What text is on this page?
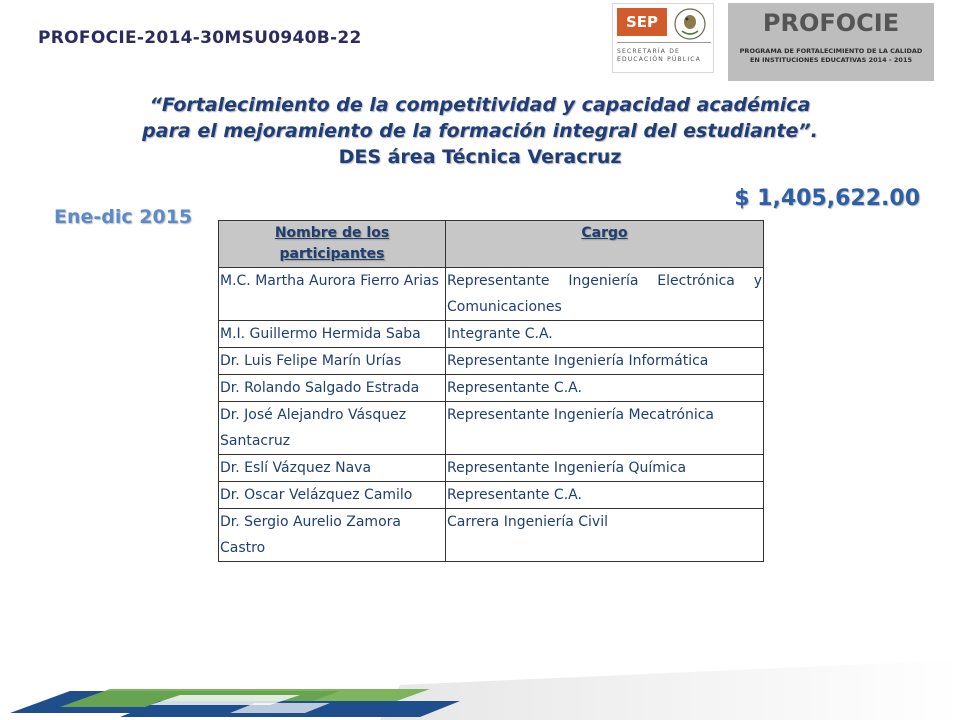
PROFOCIE-2014-30MSU0940B-22
SEP
SECRETARÍA DE EDUCACIÓN PÚBLICA
PROFOCIE
PROGRAMA DE FORTALECIMIENTO DE LA CALIDAD EN INSTITUCIONES EDUCATIVAS 2014 - 2015
“Fortalecimiento de la competitividad y capacidad académica
para el mejoramiento de la formación integral del estudiante”.
DES área Técnica Veracruz
Ene-dic 2015
$ 1,405,622.00
Nombre de los participantes	Cargo
M.C. Martha Aurora Fierro Arias	Representante Ingeniería Electrónica y Comunicaciones
M.I. Guillermo Hermida Saba	Integrante C.A.
Dr. Luis Felipe Marín Urías	Representante Ingeniería Informática
Dr. Rolando Salgado Estrada	Representante C.A.
Dr. José Alejandro Vásquez Santacruz	Representante Ingeniería Mecatrónica
Dr. Eslí Vázquez Nava	Representante Ingeniería Química
Dr. Oscar Velázquez Camilo	Representante C.A.
Dr. Sergio Aurelio Zamora Castro	Carrera Ingeniería Civil
